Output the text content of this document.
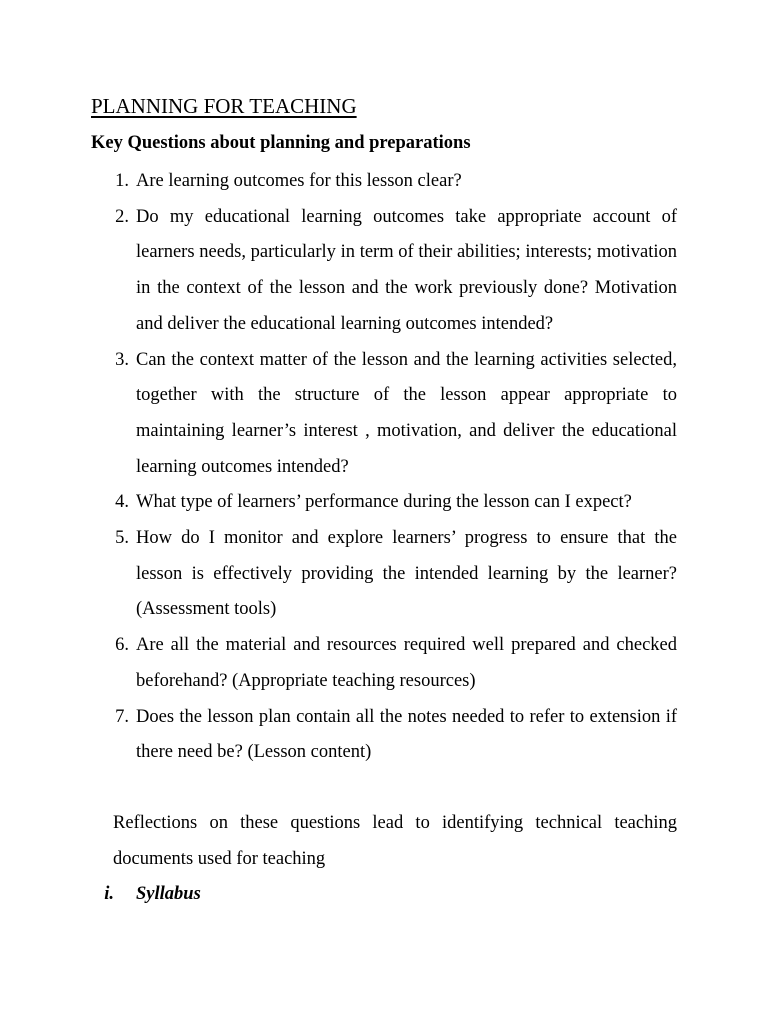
PLANNING FOR TEACHING
Key Questions about planning and preparations
1. Are learning outcomes for this lesson clear?
2. Do my educational learning outcomes take appropriate account of learners needs, particularly in term of their abilities; interests; motivation in the context of the lesson and the work previously done? Motivation and deliver the educational learning outcomes intended?
3. Can the context matter of the lesson and the learning activities selected, together with the structure of the lesson appear appropriate to maintaining learner’s interest , motivation, and deliver the educational learning outcomes intended?
4. What type of learners’ performance during the lesson can I expect?
5. How do I monitor and explore learners’ progress to ensure that the lesson is effectively providing the intended learning by the learner? (Assessment tools)
6. Are all the material and resources required well prepared and checked beforehand? (Appropriate teaching resources)
7. Does the lesson plan contain all the notes needed to refer to extension if there need be? (Lesson content)
Reflections on these questions lead to identifying technical teaching documents used for teaching
i. Syllabus
